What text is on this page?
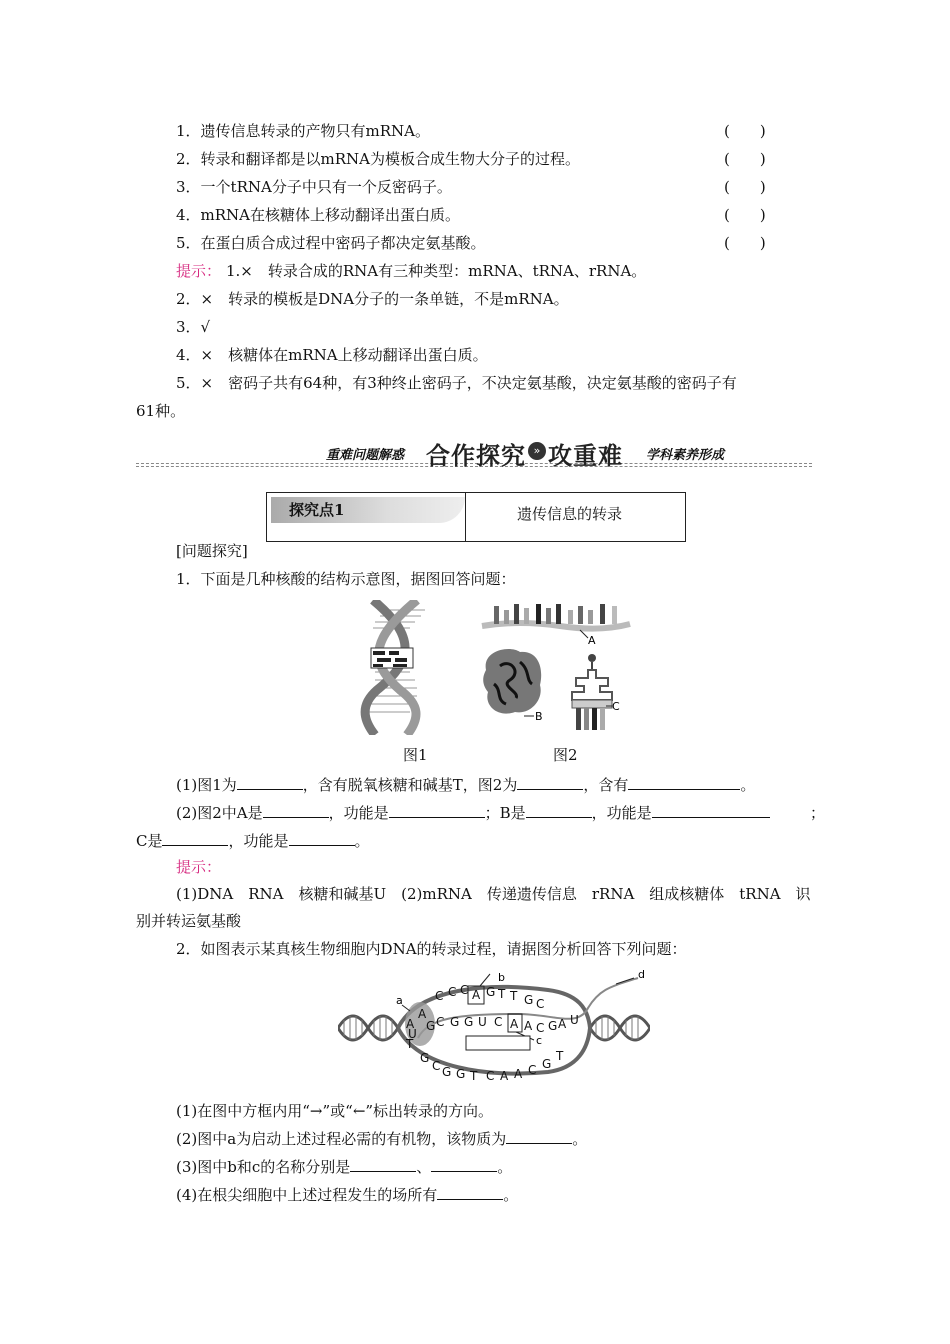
1．遗传信息转录的产物只有mRNA。	(　　)
2．转录和翻译都是以mRNA为模板合成生物大分子的过程。	(　　)
3．一个tRNA分子中只有一个反密码子。	(　　)
4．mRNA在核糖体上移动翻译出蛋白质。	(　　)
5．在蛋白质合成过程中密码子都决定氨基酸。	(　　)
提示： 1.×　转录合成的RNA有三种类型：mRNA、tRNA、rRNA。
2．×　转录的模板是DNA分子的一条单链，不是mRNA。
3．√
4．×　核糖体在mRNA上移动翻译出蛋白质。
5．×　密码子共有64种，有3种终止密码子，不决定氨基酸，决定氨基酸的密码子有
61种。
重难问题解惑 合作探究 » 攻重难 学科素养形成
探究点1	遗传信息的转录
[问题探究]
1．下面是几种核酸的结构示意图，据图回答问题：
图1
A
B
C
图2
(1)图1为	，含有脱氧核糖和碱基T，图2为	，含有	。
(2)图2中A是	，功能是	；B是	，功能是	；
C是	，功能是	。
提示：
(1)DNA　RNA　核糖和碱基U　(2)mRNA　传递遗传信息　rRNA　组成核糖体　tRNA　识
别并转运氨基酸
2．如图表示某真核生物细胞内DNA的转录过程，请据图分析回答下列问题：
a
b
c
d
C C C A G T T G C
A
G C G G U C A A C G A U
A
U
T
G
C G G T C A A C G
T
(1)在图中方框内用“→”或“←”标出转录的方向。
(2)图中a为启动上述过程必需的有机物，该物质为	。
(3)图中b和c的名称分别是	、	。
(4)在根尖细胞中上述过程发生的场所有	。
